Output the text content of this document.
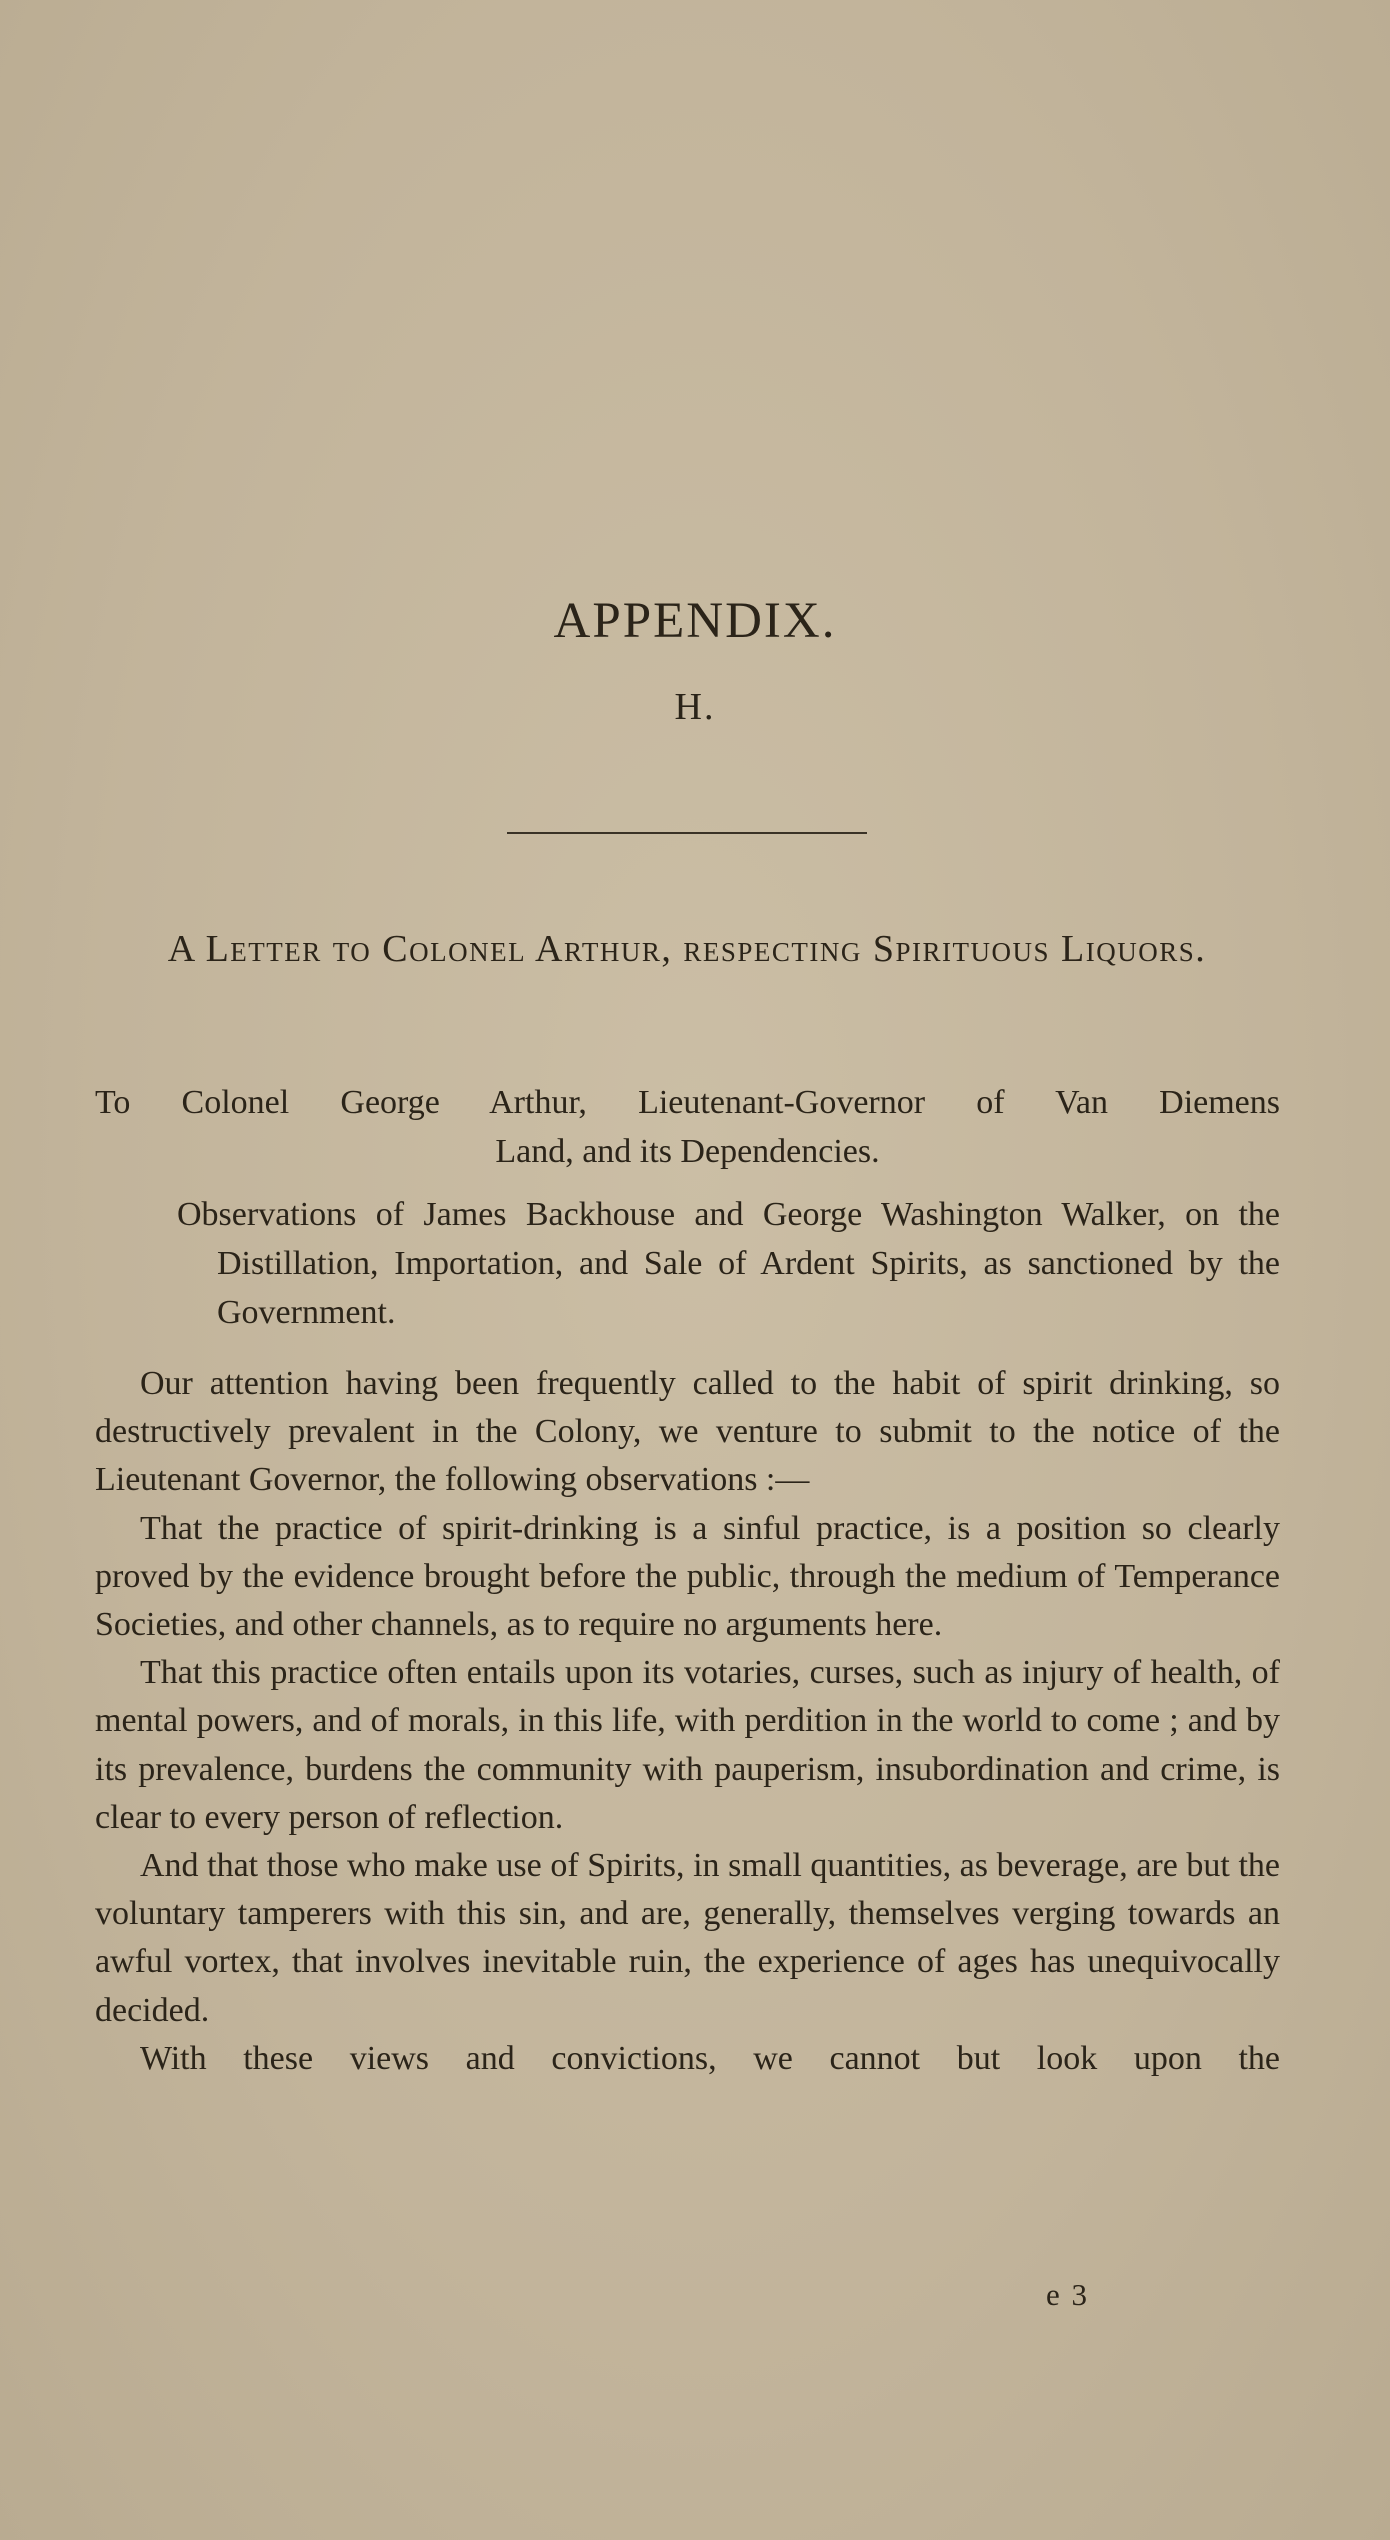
APPENDIX.
H.
A Letter to Colonel Arthur, respecting Spirituous Liquors.
To Colonel George Arthur, Lieutenant-Governor of Van Diemens
Land, and its Dependencies.
Observations of James Backhouse and George Washington Walker, on the Distillation, Importation, and Sale of Ardent Spirits, as sanctioned by the Government.

Our attention having been frequently called to the habit of spirit drinking, so destructively prevalent in the Colony, we venture to submit to the notice of the Lieutenant Governor, the following observations :—

That the practice of spirit-drinking is a sinful practice, is a position so clearly proved by the evidence brought before the public, through the medium of Temperance Societies, and other channels, as to require no arguments here.

That this practice often entails upon its votaries, curses, such as injury of health, of mental powers, and of morals, in this life, with perdition in the world to come ; and by its prevalence, burdens the community with pauperism, insubordination and crime, is clear to every person of reflection.

And that those who make use of Spirits, in small quantities, as beverage, are but the voluntary tamperers with this sin, and are, generally, themselves verging towards an awful vortex, that involves inevitable ruin, the experience of ages has unequivocally decided.

With these views and convictions, we cannot but look upon the
e 3
